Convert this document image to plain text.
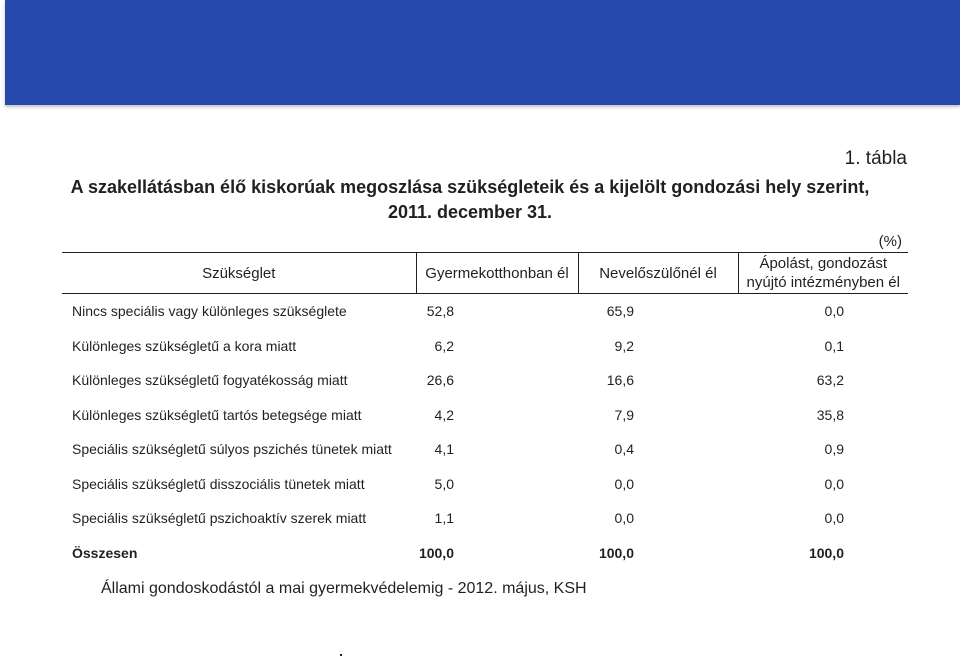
1. tábla
A szakellátásban élő kiskorúak megoszlása szükségleteik és a kijelölt gondozási hely szerint, 2011. december 31.
(%)
Szükséglet	Gyermekotthonban él	Nevelőszülőnél él	Ápolást, gondozást nyújtó intézményben él
Nincs speciális vagy különleges szükséglete	52,8	65,9	0,0
Különleges szükségletű a kora miatt	6,2	9,2	0,1
Különleges szükségletű fogyatékosság miatt	26,6	16,6	63,2
Különleges szükségletű tartós betegsége miatt	4,2	7,9	35,8
Speciális szükségletű súlyos pszichés tünetek miatt	4,1	0,4	0,9
Speciális szükségletű disszociális tünetek miatt	5,0	0,0	0,0
Speciális szükségletű pszichoaktív szerek miatt	1,1	0,0	0,0
Összesen	100,0	100,0	100,0
Állami gondoskodástól a mai gyermekvédelemig - 2012. május, KSH
